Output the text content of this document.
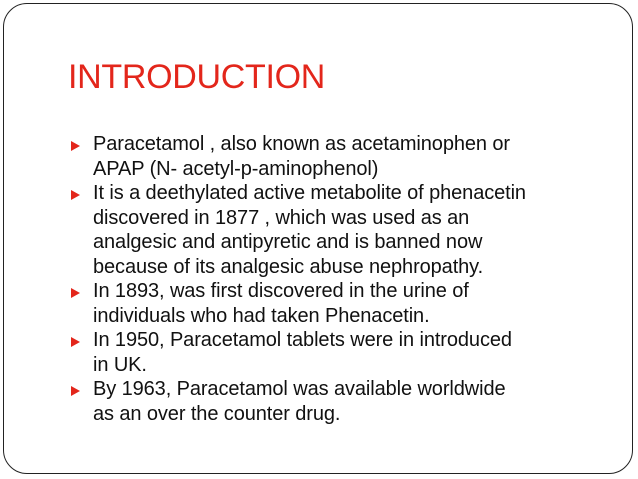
INTRODUCTION
Paracetamol , also known as acetaminophen or
APAP (N- acetyl-p-aminophenol)
It is a deethylated active metabolite of phenacetin
discovered in 1877 , which was used as an
analgesic and antipyretic and is banned now
because of its analgesic abuse nephropathy.
In 1893, was first discovered in the urine of
individuals who had taken Phenacetin.
In 1950, Paracetamol tablets were in introduced
in UK.
By 1963, Paracetamol was available worldwide
as an over the counter drug.
